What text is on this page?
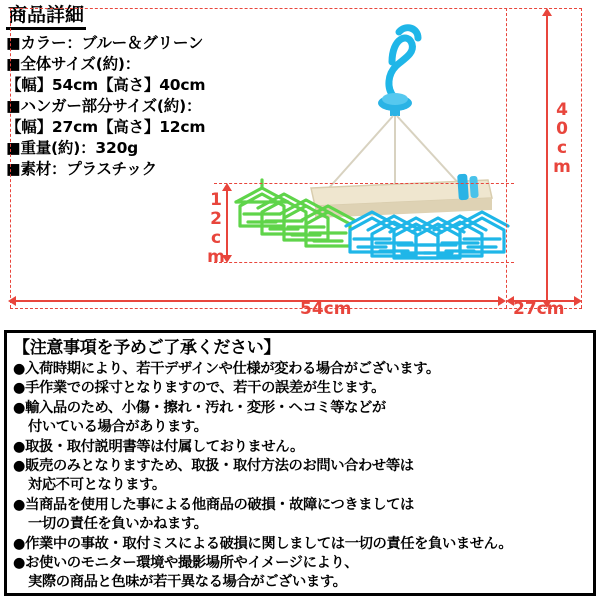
商品詳細
■カラー：ブルー＆グリーン
■全体サイズ(約)：
【幅】54cm【高さ】40cm
■ハンガー部分サイズ(約)：
【幅】27cm【高さ】12cm
■重量(約)：320g
■素材：プラスチック	40cm
12cm
54cm	27cm
【注意事項を予めご了承ください】
●入荷時期により、若干デザインや仕様が変わる場合がございます。
●手作業での採寸となりますので、若干の誤差が生じます。
●輸入品のため、小傷・擦れ・汚れ・変形・ヘコミ等などが
付いている場合があります。
●取扱・取付説明書等は付属しておりません。
●販売のみとなりますため、取扱・取付方法のお問い合わせ等は
対応不可となります。
●当商品を使用した事による他商品の破損・故障につきましては
一切の責任を負いかねます。
●作業中の事故・取付ミスによる破損に関しましては一切の責任を負いません。
●お使いのモニター環境や撮影場所やイメージにより、
実際の商品と色味が若干異なる場合がございます。
